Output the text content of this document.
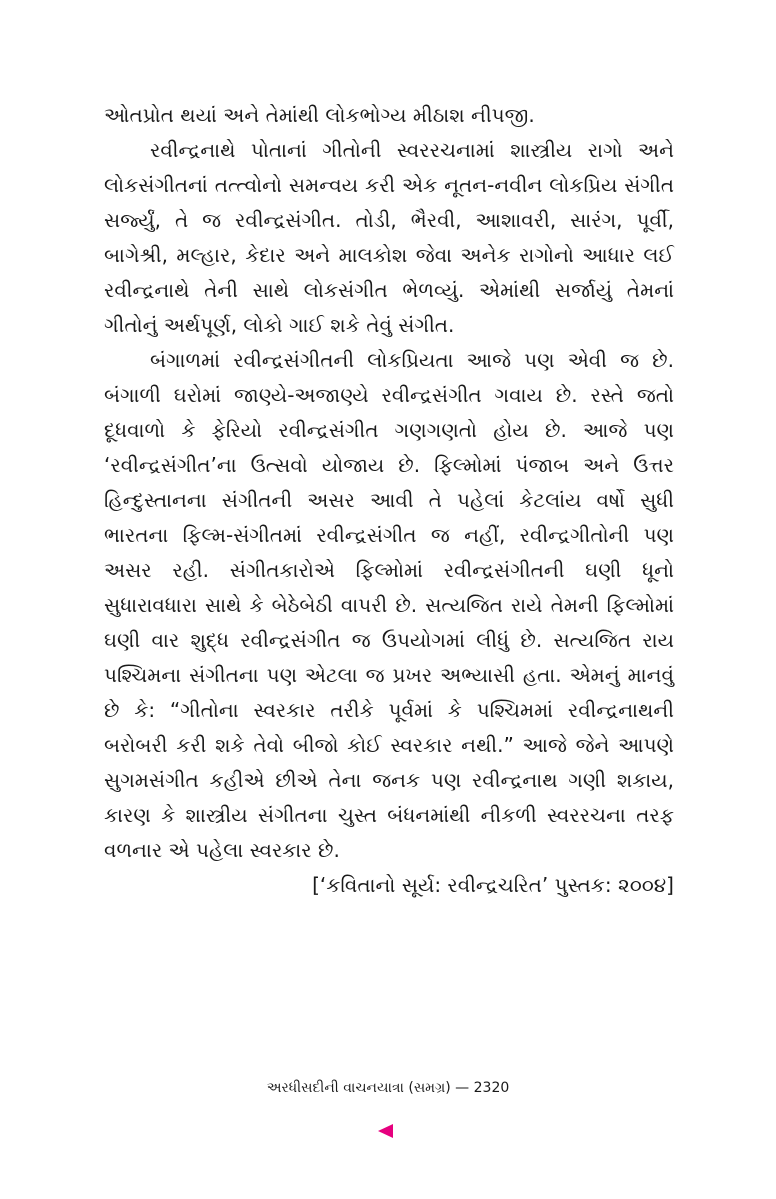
ઓતપ્રોત થયાં અને તેમાંથી લોકભોગ્ય મીઠાશ નીપજી.

રવીન્દ્રનાથે પોતાનાં ગીતોની સ્વરરચનામાં શાસ્ત્રીય રાગો અને લોકસંગીતનાં તત્ત્વોનો સમન્વય કરી એક નૂતન-નવીન લોકપ્રિય સંગીત સર્જ્યું, તે જ રવીન્દ્રસંગીત. તોડી, ભૈરવી, આશાવરી, સારંગ, પૂર્વી, બાગેશ્રી, મલ્હાર, કેદાર અને માલકોશ જેવા અનેક રાગોનો આધાર લઈ રવીન્દ્રનાથે તેની સાથે લોકસંગીત ભેળવ્યું. એમાંથી સર્જાયું તેમનાં ગીતોનું અર્થપૂર્ણ, લોકો ગાઈ શકે તેવું સંગીત.

બંગાળમાં રવીન્દ્રસંગીતની લોકપ્રિયતા આજે પણ એવી જ છે. બંગાળી ઘરોમાં જાણ્યે-અજાણ્યે રવીન્દ્રસંગીત ગવાય છે. રસ્તે જતો દૂધવાળો કે ફેરિયો રવીન્દ્રસંગીત ગણગણતો હોય છે. આજે પણ ‘રવીન્દ્રસંગીત’ના ઉત્સવો યોજાય છે. ફિલ્મોમાં પંજાબ અને ઉત્તર હિન્દુસ્તાનના સંગીતની અસર આવી તે પહેલાં કેટલાંય વર્ષો સુધી ભારતના ફિલ્મ-સંગીતમાં રવીન્દ્રસંગીત જ નહીં, રવીન્દ્રગીતોની પણ અસર રહી. સંગીતકારોએ ફિલ્મોમાં રવીન્દ્રસંગીતની ઘણી ધૂનો સુધારાવધારા સાથે કે બેઠેબેઠી વાપરી છે. સત્યજિત રાયે તેમની ફિલ્મોમાં ઘણી વાર શુદ્ધ રવીન્દ્રસંગીત જ ઉપયોગમાં લીધું છે. સત્યજિત રાય પશ્ચિમના સંગીતના પણ એટલા જ પ્રખર અભ્યાસી હતા. એમનું માનવું છે કે: “ગીતોના સ્વરકાર તરીકે પૂર્વમાં કે પશ્ચિમમાં રવીન્દ્રનાથની બરોબરી કરી શકે તેવો બીજો કોઈ સ્વરકાર નથી.” આજે જેને આપણે સુગમસંગીત કહીએ છીએ તેના જનક પણ રવીન્દ્રનાથ ગણી શકાય, કારણ કે શાસ્ત્રીય સંગીતના ચુસ્ત બંધનમાંથી નીકળી સ્વરરચના તરફ વળનાર એ પહેલા સ્વરકાર છે.

[‘કવિતાનો સૂર્ય: રવીન્દ્રચરિત’ પુસ્તક: ૨૦૦૪]

અરધીસદીની વાચનયાત્રા (સમગ્ર) — 2320
